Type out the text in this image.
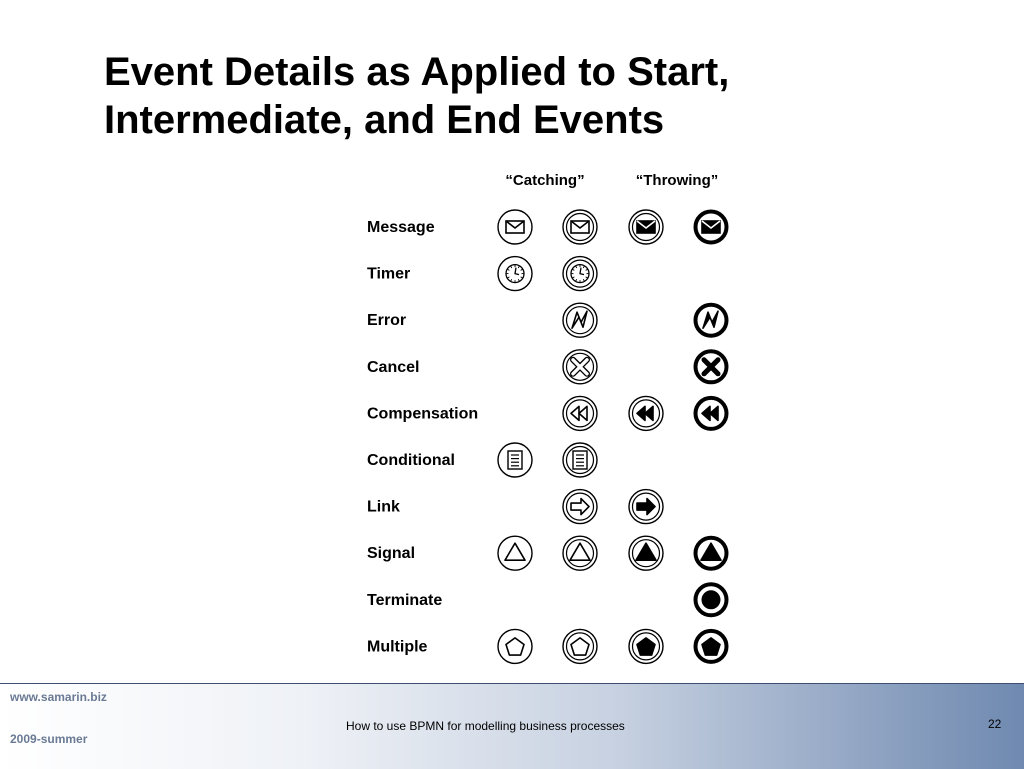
Event Details as Applied to Start,
Intermediate, and End Events
“Catching”	“Throwing”
Message
Timer
Error
Cancel
Compensation
Conditional
Link
Signal
Terminate
Multiple
www.samarin.biz
2009-summer
How to use BPMN for modelling business processes	22
